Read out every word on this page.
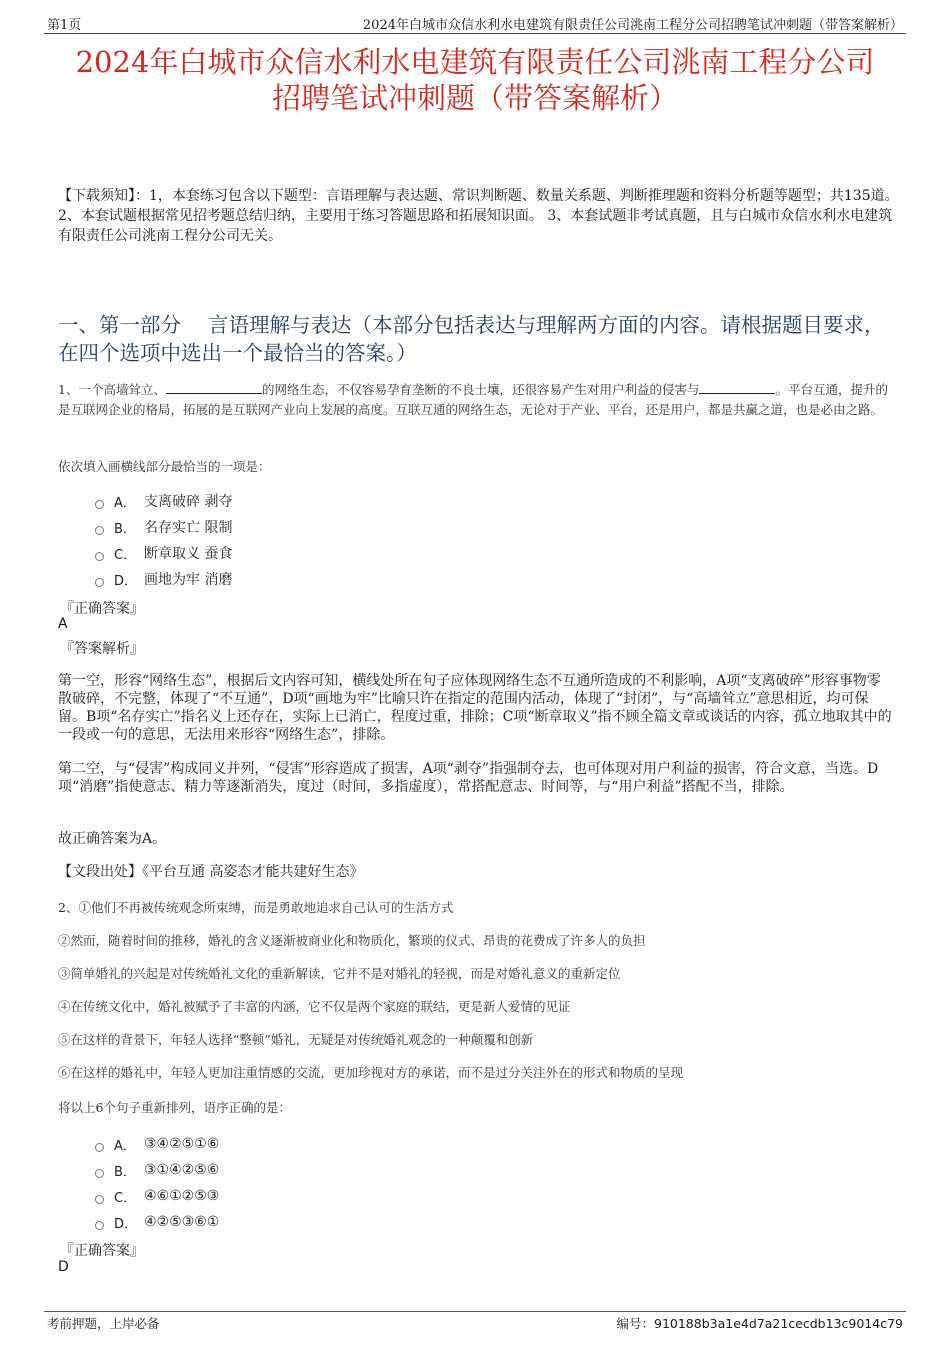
第1页	2024年白城市众信水利水电建筑有限责任公司洮南工程分公司招聘笔试冲刺题（带答案解析）
2024年白城市众信水利水电建筑有限责任公司洮南工程分公司
招聘笔试冲刺题（带答案解析）
【下载须知】：1，本套练习包含以下题型：言语理解与表达题、常识判断题、数量关系题、判断推理题和资料分析题等题型；共135道。 2、本套试题根据常见招考题总结归纳，主要用于练习答题思路和拓展知识面。 3、本套试题非考试真题，且与白城市众信水利水电建筑有限责任公司洮南工程分公司无关。
一、第一部分　 言语理解与表达（本部分包括表达与理解两方面的内容。请根据题目要求，在四个选项中选出一个最恰当的答案。）
1、一个高墙耸立、	的网络生态，不仅容易孕育垄断的不良土壤，还很容易产生对用户利益的侵害与	。平台互通，提升的是互联网企业的格局，拓展的是互联网产业向上发展的高度。互联互通的网络生态，无论对于产业、平台，还是用户，都是共赢之道，也是必由之路。
依次填入画横线部分最恰当的一项是：
A． 支离破碎 剥夺
B． 名存实亡 限制
C． 断章取义 蚕食
D． 画地为牢 消磨
『正确答案』
A
『答案解析』
第一空，形容“网络生态”，根据后文内容可知，横线处所在句子应体现网络生态不互通所造成的不利影响，A项“支离破碎”形容事物零散破碎，不完整，体现了“不互通”，D项“画地为牢”比喻只许在指定的范围内活动，体现了“封闭”，与“高墙耸立”意思相近，均可保留。B项“名存实亡”指名义上还存在，实际上已消亡，程度过重，排除；C项“断章取义”指不顾全篇文章或谈话的内容，孤立地取其中的一段或一句的意思，无法用来形容“网络生态”，排除。
第二空，与“侵害”构成同义并列，“侵害”形容造成了损害，A项“剥夺”指强制夺去，也可体现对用户利益的损害，符合文意，当选。D项“消磨”指使意志、精力等逐渐消失，度过（时间，多指虚度），常搭配意志、时间等，与“用户利益”搭配不当，排除。
故正确答案为A。
【文段出处】《平台互通 高姿态才能共建好生态》
2、①他们不再被传统观念所束缚，而是勇敢地追求自己认可的生活方式
②然而，随着时间的推移，婚礼的含义逐渐被商业化和物质化，繁琐的仪式、昂贵的花费成了许多人的负担
③简单婚礼的兴起是对传统婚礼文化的重新解读，它并不是对婚礼的轻视，而是对婚礼意义的重新定位
④在传统文化中，婚礼被赋予了丰富的内涵，它不仅是两个家庭的联结，更是新人爱情的见证
⑤在这样的背景下，年轻人选择“整顿”婚礼，无疑是对传统婚礼观念的一种颠覆和创新
⑥在这样的婚礼中，年轻人更加注重情感的交流，更加珍视对方的承诺，而不是过分关注外在的形式和物质的呈现
将以上6个句子重新排列，语序正确的是：
A． ③④②⑤①⑥
B． ③①④②⑤⑥
C． ④⑥①②⑤③
D． ④②⑤③⑥①
『正确答案』
D
考前押题，上岸必备	编号：910188b3a1e4d7a21cecdb13c9014c79
